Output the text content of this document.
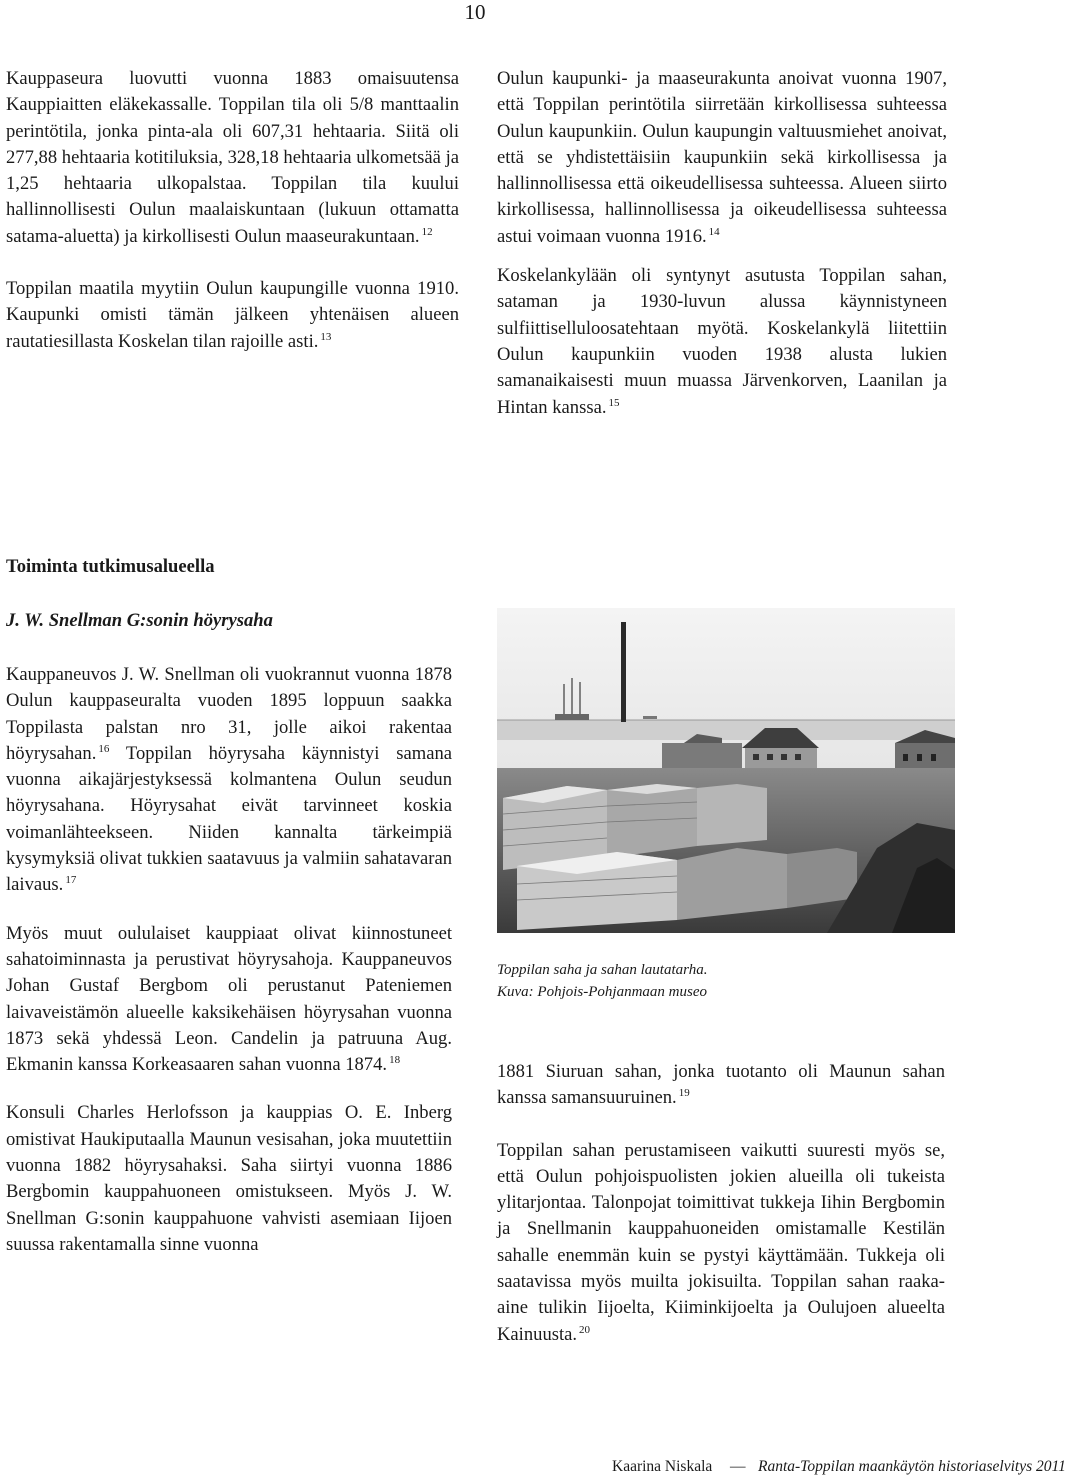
10

Kauppaseura luovutti vuonna 1883 omaisuutensa Kauppiaitten eläkekassalle. Toppilan tila oli 5/8 manttaalin perintötila, jonka pinta-ala oli 607,31 hehtaaria. Siitä oli 277,88 hehtaaria kotitiluksia, 328,18 hehtaaria ulkometsää ja 1,25 hehtaaria ulkopalstaa. Toppilan tila kuului hallinnollisesti Oulun maalaiskuntaan (lukuun ottamatta satama-aluetta) ja kirkollisesti Oulun maaseurakuntaan. $^{12}$

Toppilan maatila myytiin Oulun kaupungille vuonna 1910. Kaupunki omisti tämän jälkeen yhtenäisen alueen rautatiesillasta Koskelan tilan rajoille asti. $^{13}$

Oulun kaupunki- ja maaseurakunta anoivat vuonna 1907, että Toppilan perintötila siirretään kirkollisessa suhteessa Oulun kaupunkiin. Oulun kaupungin valtuusmiehet anoivat, että se yhdistettäisiin kaupunkiin sekä kirkollisessa ja hallinnollisessa että oikeudellisessa suhteessa. Alueen siirto kirkollisessa, hallinnollisessa ja oikeudellisessa suhteessa astui voimaan vuonna 1916. $^{14}$

Koskelankylään oli syntynyt asutusta Toppilan sahan, sataman ja 1930-luvun alussa käynnistyneen sulfiittiselluloosatehtaan myötä. Koskelankylä liitettiin Oulun kaupunkiin vuoden 1938 alusta lukien samanaikaisesti muun muassa Järvenkorven, Laanilan ja Hintan kanssa. $^{15}$

Toiminta tutkimusalueella
J. W. Snellman G:sonin höyrysaha

Kauppaneuvos J. W. Snellman oli vuokrannut vuonna 1878 Oulun kauppaseuralta vuoden 1895 loppuun saakka Toppilasta palstan nro 31, jolle aikoi rakentaa höyrysahan. $^{16}$ Toppilan höyrysaha käynnistyi samana vuonna aikajärjestyksessä kolmantena Oulun seudun höyrysahana. Höyrysahat eivät tarvinneet koskia voimanlähteekseen. Niiden kannalta tärkeimpiä kysymyksiä olivat tukkien saatavuus ja valmiin sahatavaran laivaus. $^{17}$

Myös muut oululaiset kauppiaat olivat kiinnostuneet sahatoiminnasta ja perustivat höyrysahoja. Kauppaneuvos Johan Gustaf Bergbom oli perustanut Pateniemen laivaveistämön alueelle kaksikehäisen höyrysahan vuonna 1873 sekä yhdessä Leon. Candelin ja patruuna Aug. Ekmanin kanssa Korkeasaaren sahan vuonna 1874. $^{18}$

Konsuli Charles Herlofsson ja kauppias O. E. Inberg omistivat Haukiputaalla Maunun vesisahan, joka muutettiin vuonna 1882 höyrysahaksi. Saha siirtyi vuonna 1886 Bergbomin kauppahuoneen omistukseen. Myös J. W. Snellman G:sonin kauppahuone vahvisti asemiaan Iijoen suussa rakentamalla sinne vuonna

Toppilan saha ja sahan lautatarha.
Kuva: Pohjois-Pohjanmaan museo

1881 Siuruan sahan, jonka tuotanto oli Maunun sahan kanssa samansuuruinen. $^{19}$

Toppilan sahan perustamiseen vaikutti suuresti myös se, että Oulun pohjoispuolisten jokien alueilla oli tukeista ylitarjontaa. Talonpojat toimittivat tukkeja Iihin Bergbomin ja Snellmanin kauppahuoneiden omistamalle Kestilän sahalle enemmän kuin se pystyi käyttämään. Tukkeja oli saatavissa myös muilta jokisuilta. Toppilan sahan raaka-aine tulikin Iijoelta, Kiiminkijoelta ja Oulujoen alueelta Kainuusta. $^{20}$

Kaarina Niskala — Ranta-Toppilan maankäytön historiaselvitys 2011
